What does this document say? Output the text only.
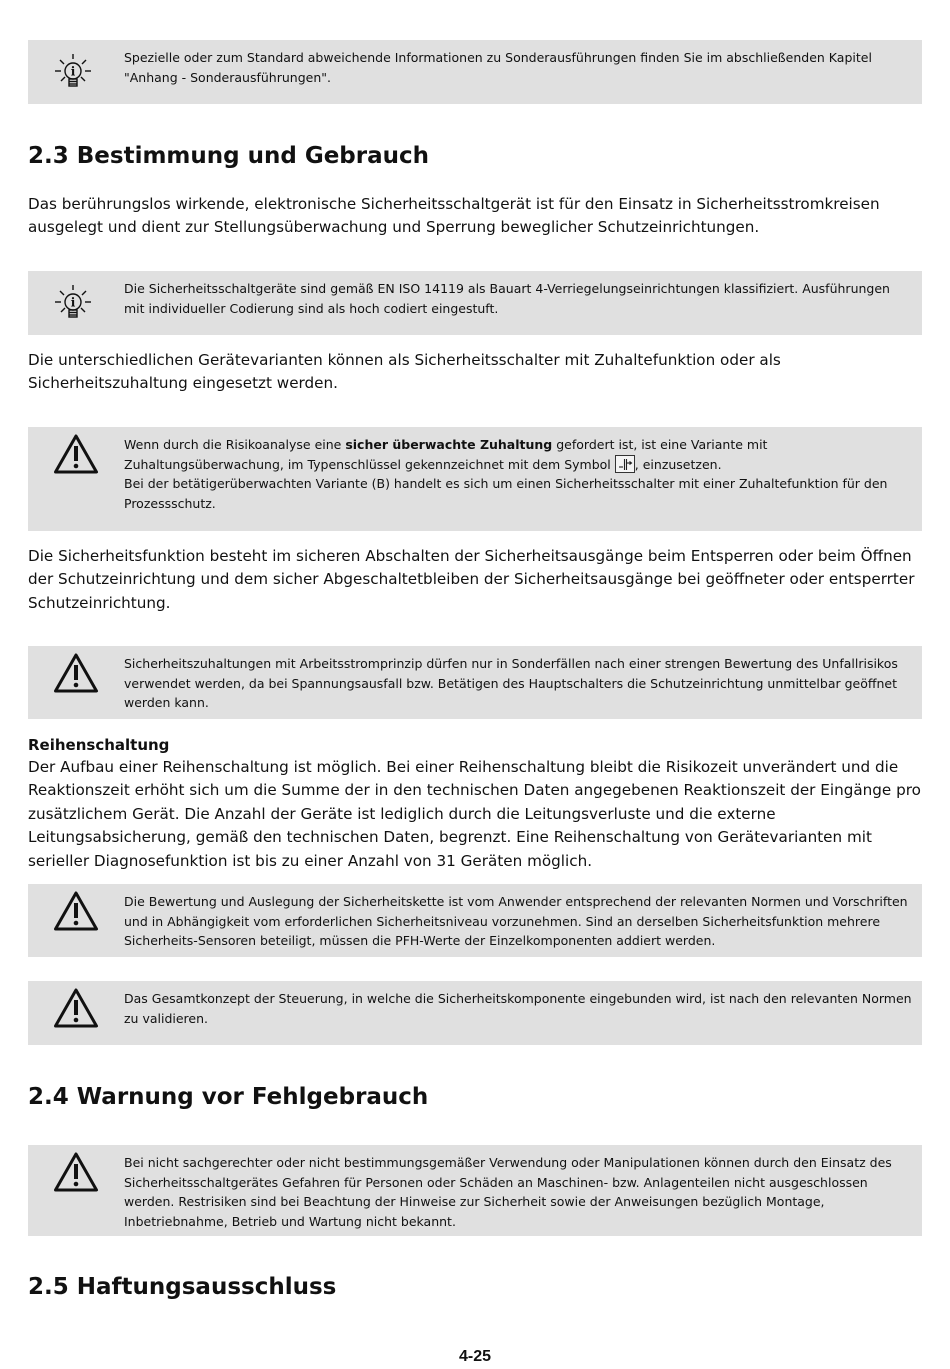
i
Spezielle oder zum Standard abweichende Informationen zu Sonderausführungen finden Sie im abschließenden Kapitel "Anhang - Sonderausführungen".
2.3 Bestimmung und Gebrauch

Das berührungslos wirkende, elektronische Sicherheitsschaltgerät ist für den Einsatz in Sicherheitsstromkreisen ausgelegt und dient zur Stellungsüberwachung und Sperrung beweglicher Schutzeinrichtungen.

i
Die Sicherheitsschaltgeräte sind gemäß EN ISO 14119 als Bauart 4-Verriegelungseinrichtungen klassifiziert. Ausführungen mit individueller Codierung sind als hoch codiert eingestuft.

Die unterschiedlichen Gerätevarianten können als Sicherheitsschalter mit Zuhaltefunktion oder als Sicherheitszuhaltung eingesetzt werden.

Wenn durch die Risikoanalyse eine sicher überwachte Zuhaltung gefordert ist, ist eine Variante mit Zuhaltungsüberwachung, im Typenschlüssel gekennzeichnet mit dem Symbol , einzusetzen.
Bei der betätigerüberwachten Variante (B) handelt es sich um einen Sicherheitsschalter mit einer Zuhaltefunktion für den Prozessschutz.

Die Sicherheitsfunktion besteht im sicheren Abschalten der Sicherheitsausgänge beim Entsperren oder beim Öffnen der Schutzeinrichtung und dem sicher Abgeschaltetbleiben der Sicherheitsausgänge bei geöffneter oder entsperrter Schutzeinrichtung.

Sicherheitszuhaltungen mit Arbeitsstromprinzip dürfen nur in Sonderfällen nach einer strengen Bewertung des Unfallrisikos verwendet werden, da bei Spannungsausfall bzw. Betätigen des Hauptschalters die Schutzeinrichtung unmittelbar geöffnet werden kann.
Reihenschaltung

Der Aufbau einer Reihenschaltung ist möglich. Bei einer Reihenschaltung bleibt die Risikozeit unverändert und die Reaktionszeit erhöht sich um die Summe der in den technischen Daten angegebenen Reaktionszeit der Eingänge pro zusätzlichem Gerät. Die Anzahl der Geräte ist lediglich durch die Leitungsverluste und die externe Leitungsabsicherung, gemäß den technischen Daten, begrenzt. Eine Reihenschaltung von Gerätevarianten mit serieller Diagnosefunktion ist bis zu einer Anzahl von 31 Geräten möglich.

Die Bewertung und Auslegung der Sicherheitskette ist vom Anwender entsprechend der relevanten Normen und Vorschriften und in Abhängigkeit vom erforderlichen Sicherheitsniveau vorzunehmen. Sind an derselben Sicherheitsfunktion mehrere Sicherheits-Sensoren beteiligt, müssen die PFH-Werte der Einzelkomponenten addiert werden.
Das Gesamtkonzept der Steuerung, in welche die Sicherheitskomponente eingebunden wird, ist nach den relevanten Normen zu validieren.
2.4 Warnung vor Fehlgebrauch
Bei nicht sachgerechter oder nicht bestimmungsgemäßer Verwendung oder Manipulationen können durch den Einsatz des Sicherheitsschaltgerätes Gefahren für Personen oder Schäden an Maschinen- bzw. Anlagenteilen nicht ausgeschlossen werden. Restrisiken sind bei Beachtung der Hinweise zur Sicherheit sowie der Anweisungen bezüglich Montage, Inbetriebnahme, Betrieb und Wartung nicht bekannt.
2.5 Haftungsausschluss
4-25
